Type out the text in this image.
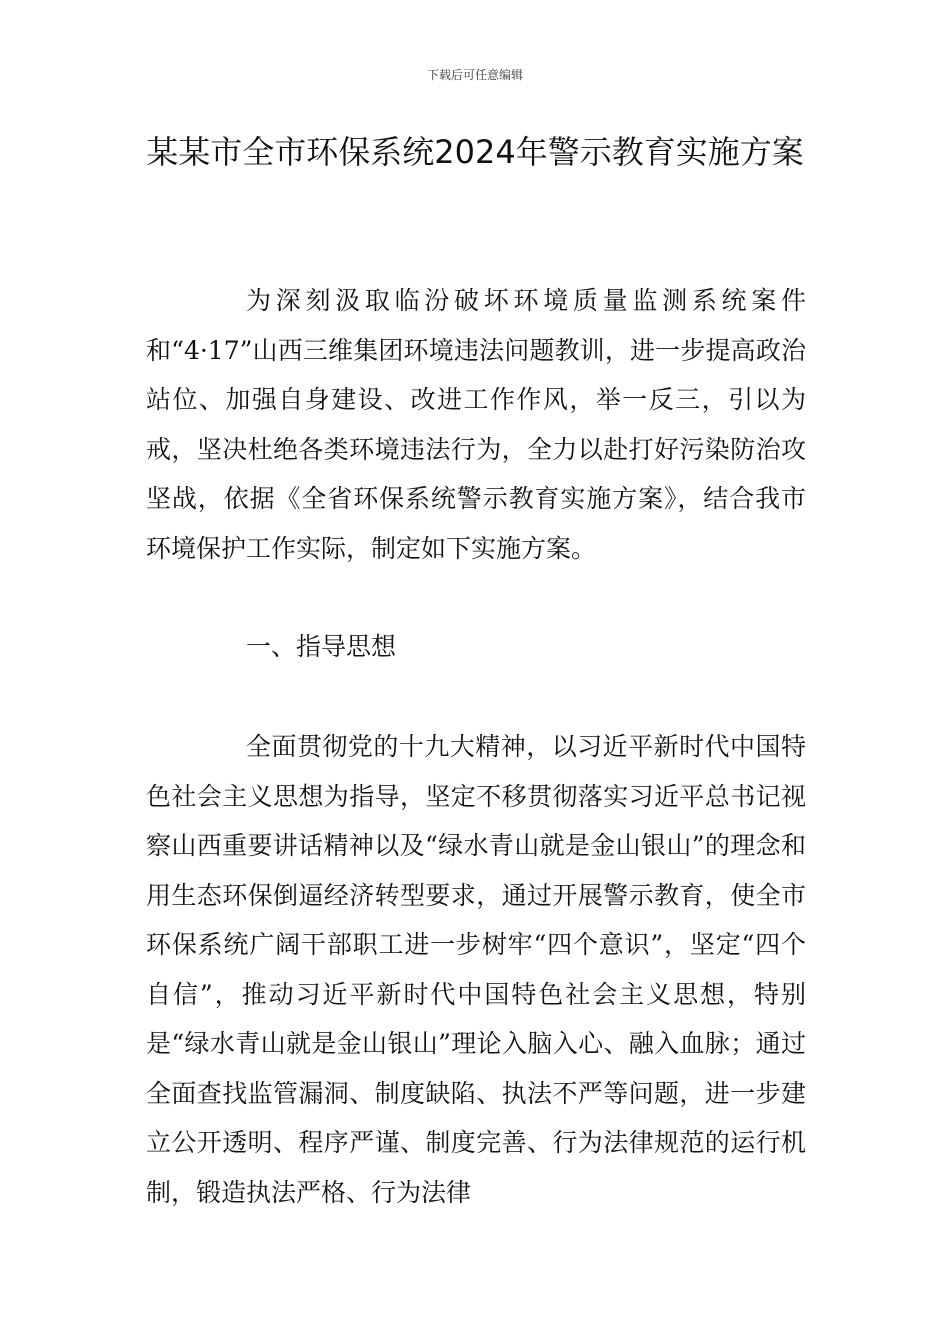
下载后可任意编辑
某某市全市环保系统2024年警示教育实施方案

为深刻汲取临汾破坏环境质量监测系统案件和“4·17”山西三维集团环境违法问题教训，进一步提高政治站位、加强自身建设、改进工作作风，举一反三，引以为戒，坚决杜绝各类环境违法行为，全力以赴打好污染防治攻坚战，依据《全省环保系统警示教育实施方案》，结合我市环境保护工作实际，制定如下实施方案。

一、指导思想

全面贯彻党的十九大精神，以习近平新时代中国特色社会主义思想为指导，坚定不移贯彻落实习近平总书记视察山西重要讲话精神以及“绿水青山就是金山银山”的理念和用生态环保倒逼经济转型要求，通过开展警示教育，使全市环保系统广阔干部职工进一步树牢“四个意识”，坚定“四个自信”，推动习近平新时代中国特色社会主义思想，特别是“绿水青山就是金山银山”理论入脑入心、融入血脉；通过全面查找监管漏洞、制度缺陷、执法不严等问题，进一步建立公开透明、程序严谨、制度完善、行为法律规范的运行机制，锻造执法严格、行为法律
